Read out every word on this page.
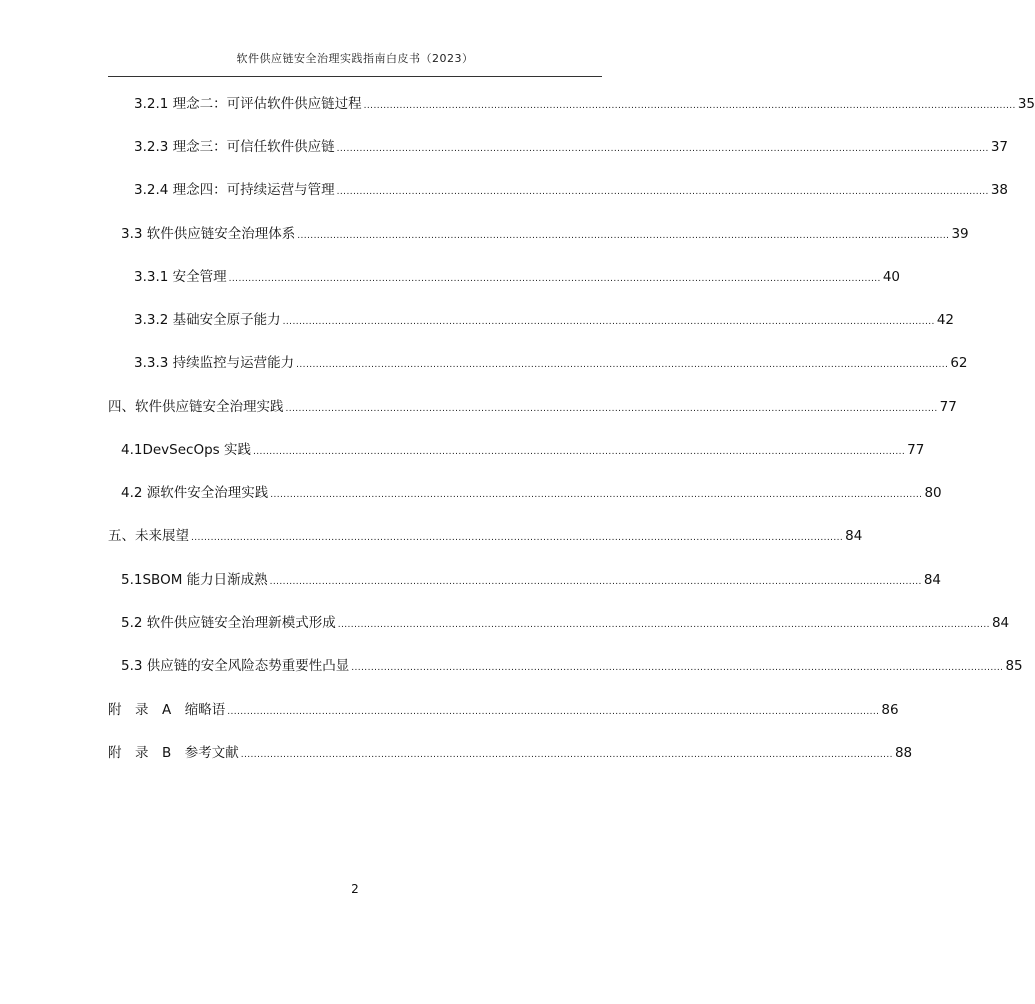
软件供应链安全治理实践指南白皮书（2023）
3.2.1 理念二：可评估软件供应链过程 ........................................................................................................................................................................................................ 35
3.2.3 理念三：可信任软件供应链 ........................................................................................................................................................................................................ 37
3.2.4 理念四：可持续运营与管理 ........................................................................................................................................................................................................ 38
3.3 软件供应链安全治理体系 ........................................................................................................................................................................................................ 39
3.3.1 安全管理 ........................................................................................................................................................................................................ 40
3.3.2 基础安全原子能力 ........................................................................................................................................................................................................ 42
3.3.3 持续监控与运营能力 ........................................................................................................................................................................................................ 62
四、软件供应链安全治理实践 ........................................................................................................................................................................................................ 77
4.1DevSecOps 实践 ........................................................................................................................................................................................................ 77
4.2 源软件安全治理实践 ........................................................................................................................................................................................................ 80
五、未来展望 ........................................................................................................................................................................................................ 84
5.1SBOM 能力日渐成熟 ........................................................................................................................................................................................................ 84
5.2 软件供应链安全治理新模式形成 ........................................................................................................................................................................................................ 84
5.3 供应链的安全风险态势重要性凸显 ........................................................................................................................................................................................................ 85
附　录　A　缩略语 ........................................................................................................................................................................................................ 86
附　录　B　参考文献 ........................................................................................................................................................................................................ 88
2
